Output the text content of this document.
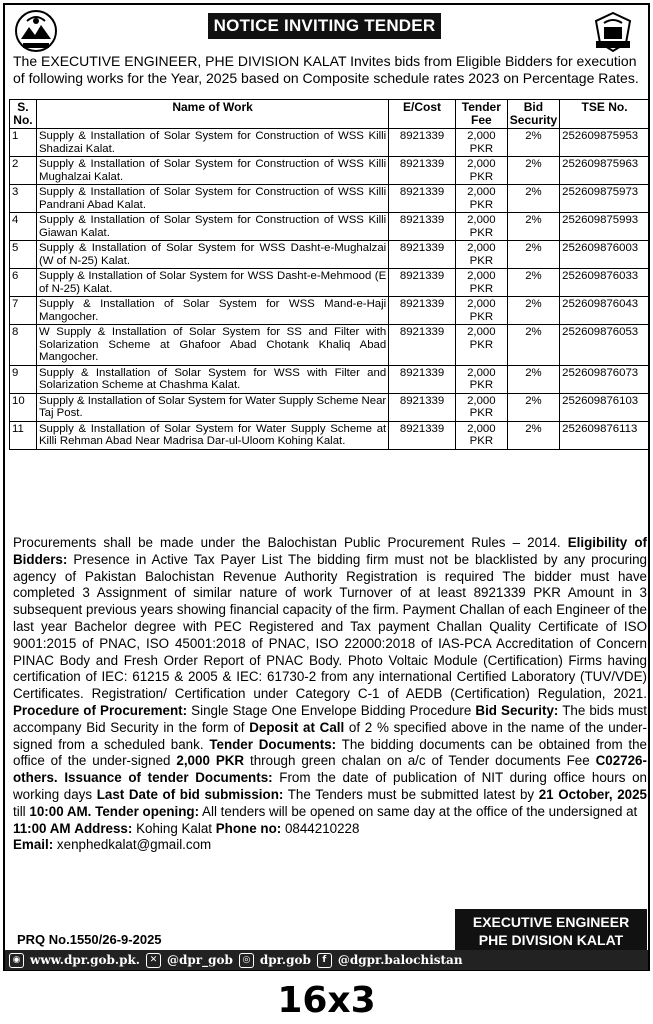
NOTICE INVITING TENDER
The EXECUTIVE ENGINEER, PHE DIVISION KALAT Invites bids from Eligible Bidders for execution of following works for the Year, 2025 based on Composite schedule rates 2023 on Percentage Rates.
S. No.	Name of Work	E/Cost	Tender Fee	Bid Security	TSE No.
1	Supply & Installation of Solar System for Construction of WSS Killi Shadizai Kalat.	8921339	2,000 PKR	2%	252609875953
2	Supply & Installation of Solar System for Construction of WSS Killi Mughalzai Kalat.	8921339	2,000 PKR	2%	252609875963
3	Supply & Installation of Solar System for Construction of WSS Killi Pandrani Abad Kalat.	8921339	2,000 PKR	2%	252609875973
4	Supply & Installation of Solar System for Construction of WSS Killi Giawan Kalat.	8921339	2,000 PKR	2%	252609875993
5	Supply & Installation of Solar System for WSS Dasht-e-Mughalzai (W of N-25) Kalat.	8921339	2,000 PKR	2%	252609876003
6	Supply & Installation of Solar System for WSS Dasht-e-Mehmood (E of N-25) Kalat.	8921339	2,000 PKR	2%	252609876033
7	Supply & Installation of Solar System for WSS Mand-e-Haji Mangocher.	8921339	2,000 PKR	2%	252609876043
8	W Supply & Installation of Solar System for SS and Filter with Solarization Scheme at Ghafoor Abad Chotank Khaliq Abad Mangocher.	8921339	2,000 PKR	2%	252609876053
9	Supply & Installation of Solar System for WSS with Filter and Solarization Scheme at Chashma Kalat.	8921339	2,000 PKR	2%	252609876073
10	Supply & Installation of Solar System for Water Supply Scheme Near Taj Post.	8921339	2,000 PKR	2%	252609876103
11	Supply & Installation of Solar System for Water Supply Scheme at Killi Rehman Abad Near Madrisa Dar-ul-Uloom Kohing Kalat.	8921339	2,000 PKR	2%	252609876113
Procurements shall be made under the Balochistan Public Procurement Rules – 2014. Eligibility of Bidders: Presence in Active Tax Payer List The bidding firm must not be blacklisted by any procuring agency of Pakistan Balochistan Revenue Authority Registration is required The bidder must have completed 3 Assignment of similar nature of work Turnover of at least 8921339 PKR Amount in 3 subsequent previous years showing financial capacity of the firm. Payment Challan of each Engineer of the last year Bachelor degree with PEC Registered and Tax payment Challan Quality Certificate of ISO 9001:2015 of PNAC, ISO 45001:2018 of PNAC, ISO 22000:2018 of IAS-PCA Accreditation of Concern PINAC Body and Fresh Order Report of PNAC Body. Photo Voltaic Module (Certification) Firms having certification of IEC: 61215 & 2005 & IEC: 61730-2 from any international Certified Laboratory (TUV/VDE) Certificates. Registration/ Certification under Category C-1 of AEDB (Certification) Regulation, 2021. Procedure of Procurement: Single Stage One Envelope Bidding Procedure Bid Security: The bids must accompany Bid Security in the form of Deposit at Call of 2 % specified above in the name of the under-signed from a scheduled bank. Tender Documents: The bidding documents can be obtained from the office of the under-signed 2,000 PKR through green chalan on a/c of Tender documents Fee C02726-others. Issuance of tender Documents: From the date of publication of NIT during office hours on working days Last Date of bid submission: The Tenders must be submitted latest by 21 October, 2025 till 10:00 AM. Tender opening: All tenders will be opened on same day at the office of the undersigned at
11:00 AM Address: Kohing Kalat Phone no: 0844210228
Email: xenphedkalat@gmail.com
PRQ No.1550/26-9-2025
EXECUTIVE ENGINEER
PHE DIVISION KALAT
◉ www.dpr.gob.pk.	✕ @dpr_gob	◎ dpr.gob	f @dgpr.balochistan
16x3
